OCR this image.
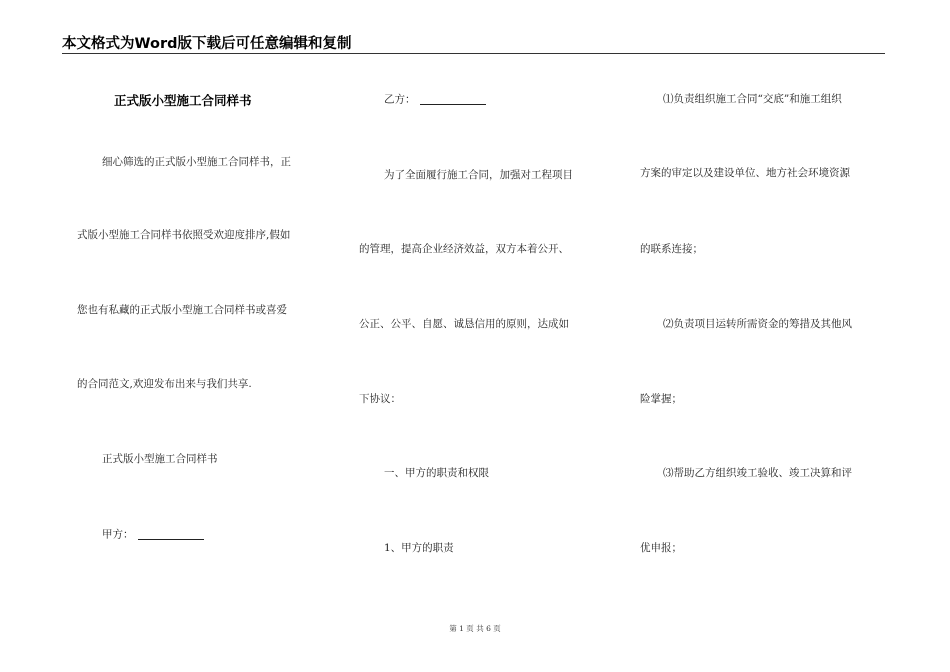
本文格式为Word版下载后可任意编辑和复制
正式版小型施工合同样书
细心筛选的正式版小型施工合同样书，正
式版小型施工合同样书依照受欢迎度排序,假如
您也有私藏的正式版小型施工合同样书或喜爱
的合同范文,欢迎发布出来与我们共享.
正式版小型施工合同样书
甲方：
乙方：
为了全面履行施工合同，加强对工程项目
的管理，提高企业经济效益，双方本着公开、
公正、公平、自愿、诚恳信用的原则，达成如
下协议：
一、甲方的职责和权限
1、甲方的职责
⑴负责组织施工合同“交底”和施工组织
方案的审定以及建设单位、地方社会环境资源
的联系连接；
⑵负责项目运转所需资金的筹措及其他风
险掌握；
⑶帮助乙方组织竣工验收、竣工决算和评
优申报；
第 1 页 共 6 页
